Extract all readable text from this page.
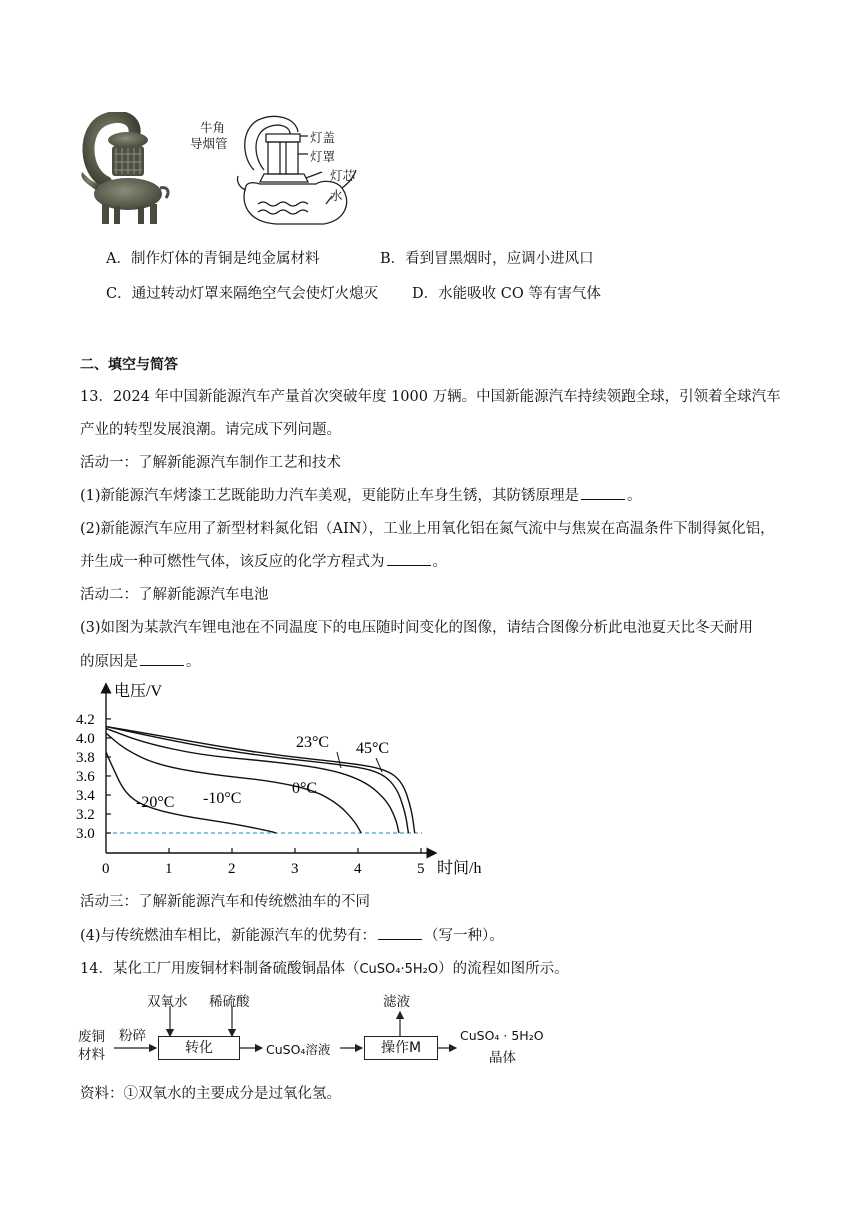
牛角
导烟管	灯盖
灯罩
灯芯
水
A．制作灯体的青铜是纯金属材料	B．看到冒黑烟时，应调小进风口
C．通过转动灯罩来隔绝空气会使灯火熄灭 D．水能吸收 CO 等有害气体
二、填空与简答
13．2024 年中国新能源汽车产量首次突破年度 1000 万辆。中国新能源汽车持续领跑全球，引领着全球汽车
产业的转型发展浪潮。请完成下列问题。
活动一：了解新能源汽车制作工艺和技术
(1)新能源汽车烤漆工艺既能助力汽车美观，更能防止车身生锈，其防锈原理是	。
(2)新能源汽车应用了新型材料氮化铝（AIN），工业上用氧化铝在氮气流中与焦炭在高温条件下制得氮化铝，
并生成一种可燃性气体，该反应的化学方程式为	。
活动二：了解新能源汽车电池
(3)如图为某款汽车锂电池在不同温度下的电压随时间变化的图像，请结合图像分析此电池夏天比冬天耐用
的原因是	。
0	1	2	3	4	5
3.0
3.2
3.4
3.6
3.8
4.0
4.2
电压/V
时间/h
-20°C -10°C
0°C
23°C 45°C
活动三：了解新能源汽车和传统燃油车的不同
(4)与传统燃油车相比，新能源汽车的优势有：	（写一种）。
14．某化工厂用废铜材料制备硫酸铜晶体（CuSO₄·5H₂O）的流程如图所示。
废铜
材料
粉碎
双氧水 稀硫酸
转化	CuSO₄溶液
滤液
操作M
CuSO₄ · 5H₂O
晶体
资料：①双氧水的主要成分是过氧化氢。
